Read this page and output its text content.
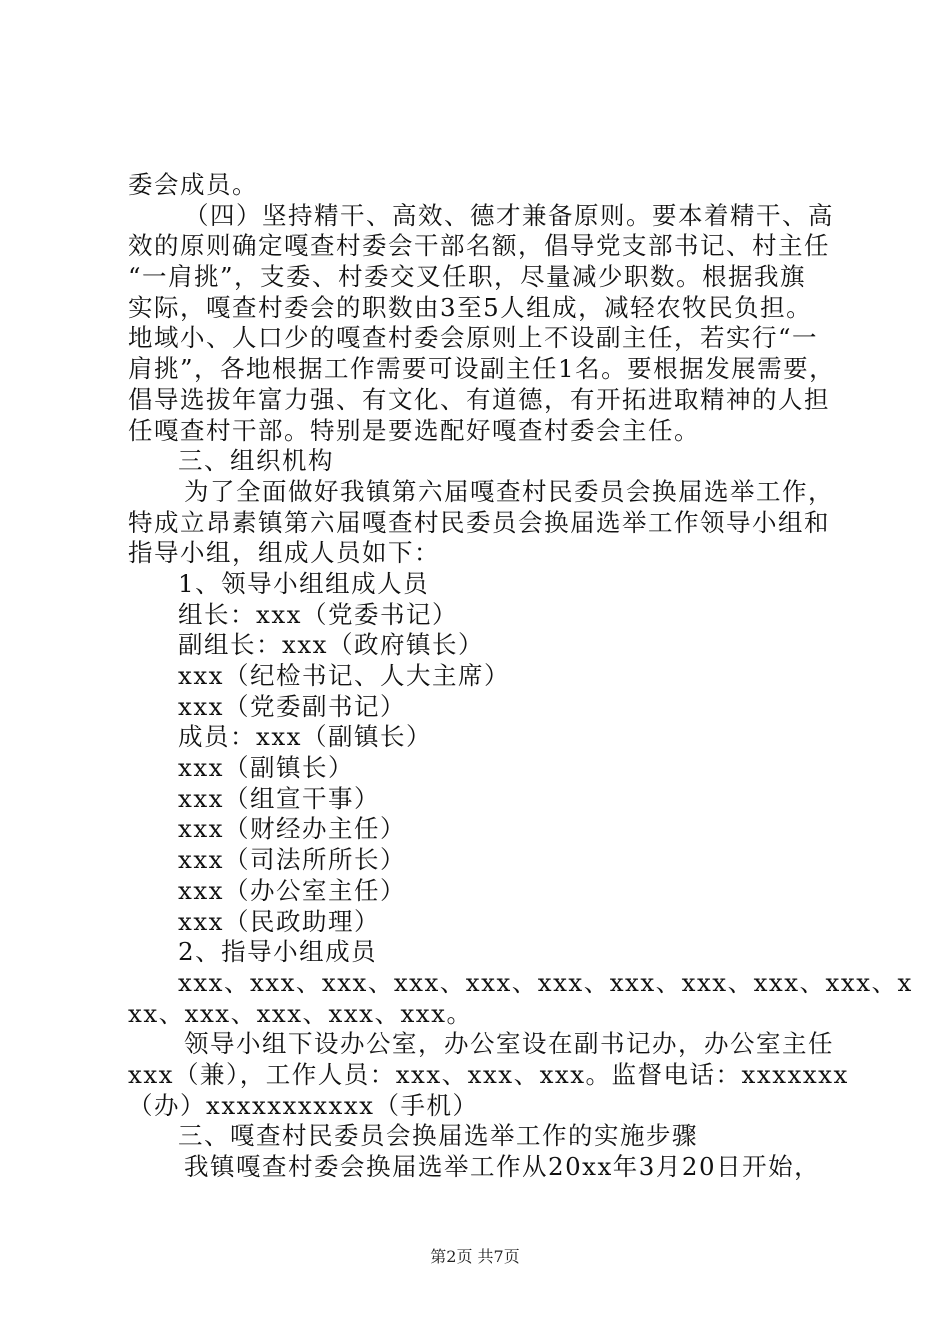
委会成员。
（四）坚持精干、高效、德才兼备原则。要本着精干、高
效的原则确定嘎查村委会干部名额，倡导党支部书记、村主任
“一肩挑”，支委、村委交叉任职，尽量减少职数。根据我旗
实际，嘎查村委会的职数由3至5人组成，减轻农牧民负担。
地域小、人口少的嘎查村委会原则上不设副主任，若实行“一
肩挑”，各地根据工作需要可设副主任1名。要根据发展需要，
倡导选拔年富力强、有文化、有道德，有开拓进取精神的人担
任嘎查村干部。特别是要选配好嘎查村委会主任。
三、组织机构
为了全面做好我镇第六届嘎查村民委员会换届选举工作，
特成立昂素镇第六届嘎查村民委员会换届选举工作领导小组和
指导小组，组成人员如下：
1、领导小组组成人员
组长：xxx（党委书记）
副组长：xxx（政府镇长）
xxx（纪检书记、人大主席）
xxx（党委副书记）
成员：xxx（副镇长）
xxx（副镇长）
xxx（组宣干事）
xxx（财经办主任）
xxx（司法所所长）
xxx（办公室主任）
xxx（民政助理）
2、指导小组成员
xxx、xxx、xxx、xxx、xxx、xxx、xxx、xxx、xxx、xxx、x
xx、xxx、xxx、xxx、xxx。
领导小组下设办公室，办公室设在副书记办，办公室主任
xxx（兼），工作人员：xxx、xxx、xxx。监督电话：xxxxxxx
（办）xxxxxxxxxxx（手机）
三、嘎查村民委员会换届选举工作的实施步骤
我镇嘎查村委会换届选举工作从20xx年3月20日开始，
第2页 共7页
